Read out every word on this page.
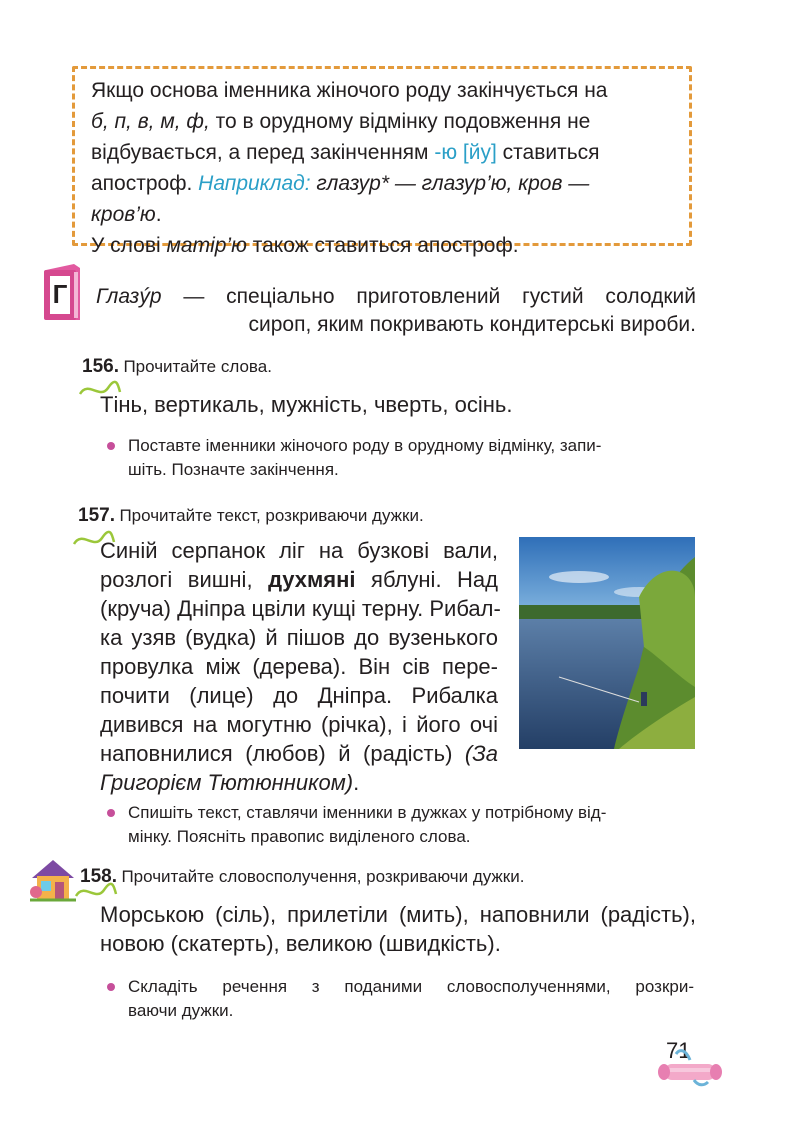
Якщо основа іменника жіночого роду закінчується на
б, п, в, м, ф, то в орудному відмінку подовження не
відбувається, а перед закінченням -ю [йу] ставиться
апостроф. Наприклад: глазур* — глазур’ю, кров —
кров’ю.
У слові матір’ю також ставиться апостроф.
Г Глазýр — спеціально приготовлений густий солодкий
сироп, яким покривають кондитерські вироби.
156. Прочитайте слова.
Тінь, вертикаль, мужність, чверть, осінь.
Поставте іменники жіночого роду в орудному відмінку, запи-
шіть. Позначте закінчення.
157. Прочитайте текст, розкриваючи дужки.
Синій серпанок ліг на бузкові вали,
розлогі вишні, духмяні яблуні. Над
(круча) Дніпра цвіли кущі терну. Рибал-
ка узяв (вудка) й пішов до вузенького
провулка між (дерева). Він сів пере-
почити (лице) до Дніпра. Рибалка
дивився на могутню (річка), і його очі
наповнилися (любов) й (радість) (За
Григорієм Тютюнником).
Спишіть текст, ставлячи іменники в дужках у потрібному від-
мінку. Поясніть правопис виділеного слова.
158. Прочитайте словосполучення, розкриваючи дужки.
Морською (сіль), прилетіли (мить), наповнили (радість),
новою (скатерть), великою (швидкість).
Складіть речення з поданими словосполученнями, розкри-
ваючи дужки.
71
